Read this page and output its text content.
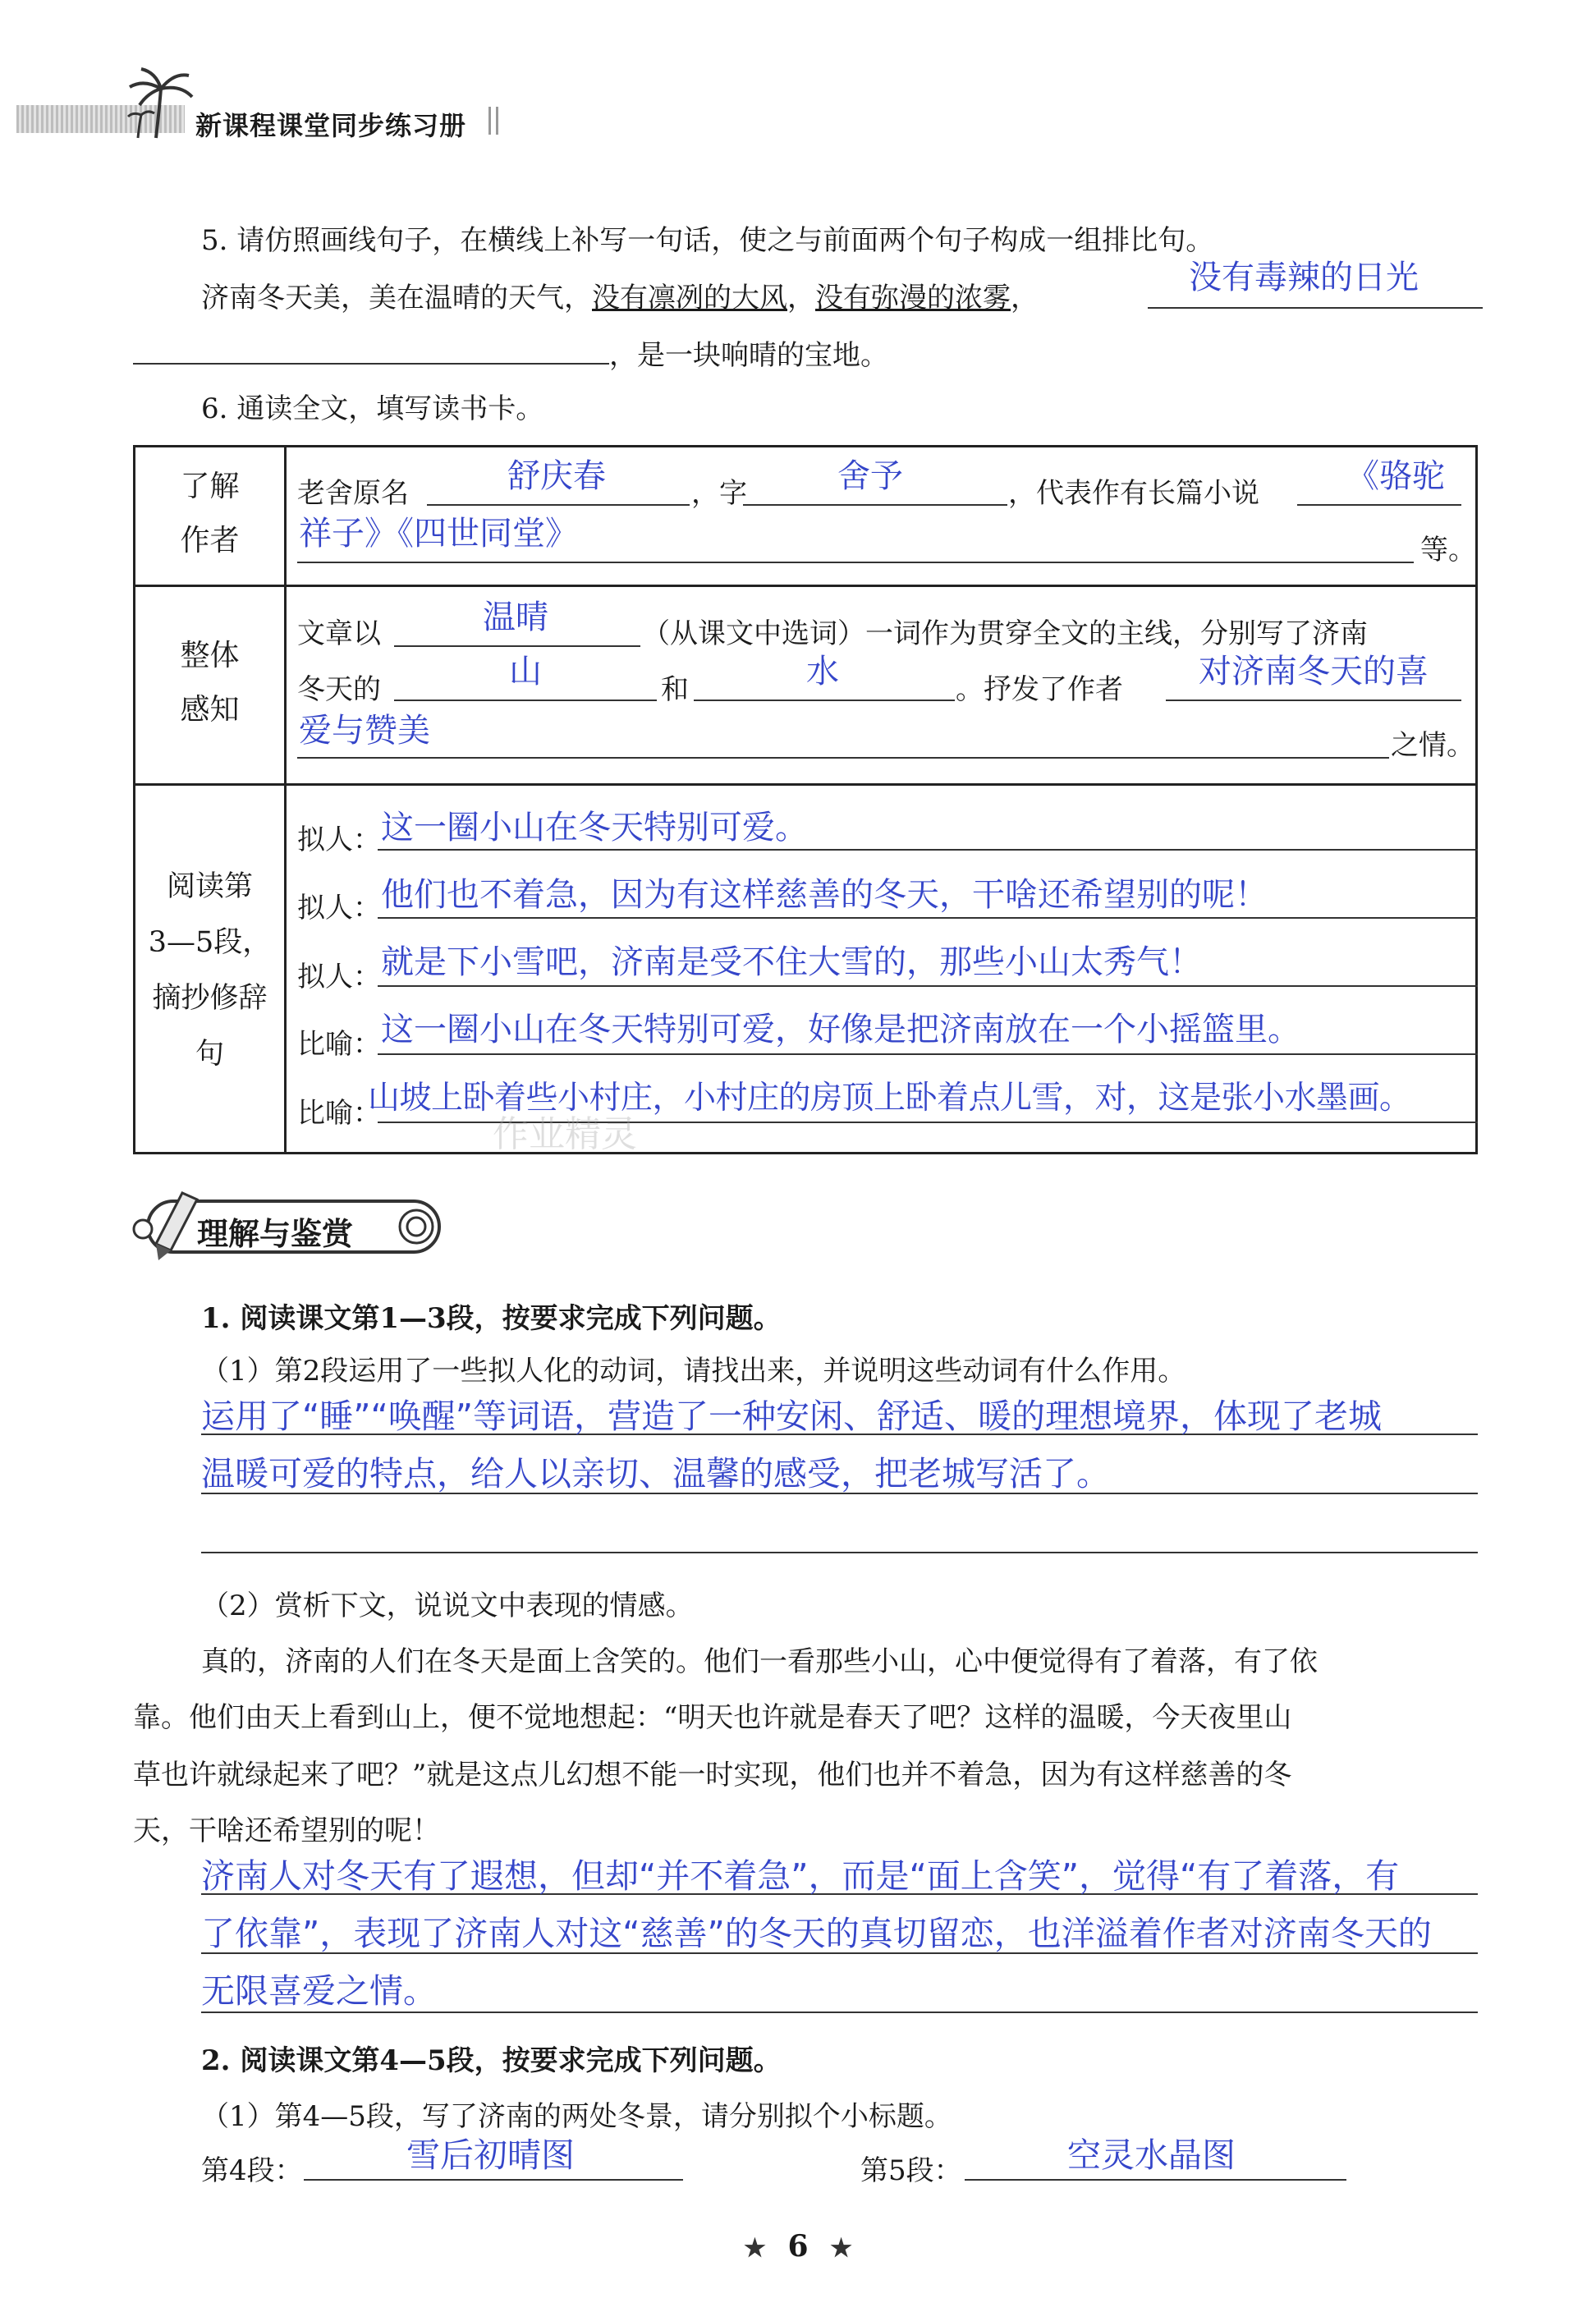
新课程课堂同步练习册
5. 请仿照画线句子，在横线上补写一句话，使之与前面两个句子构成一组排比句。
济南冬天美，美在温晴的天气，没有凛冽的大风，没有弥漫的浓雾，
没有毒辣的日光
，是一块响晴的宝地。
6. 通读全文，填写读书卡。
了解
作者
老舍原名	舒庆春	，字	舍予	，代表作有长篇小说	《骆驼
祥子》《四世同堂》	等。
整体
感知
文章以	温晴	（从课文中选词）一词作为贯穿全文的主线，分别写了济南
冬天的	山	和	水	。抒发了作者 对济南冬天的喜
爱与赞美	之情。
阅读第
3—5段，
摘抄修辞
句
拟人： 这一圈小山在冬天特别可爱。
拟人： 他们也不着急，因为有这样慈善的冬天，干啥还希望别的呢！
拟人： 就是下小雪吧，济南是受不住大雪的，那些小山太秀气！
比喻： 这一圈小山在冬天特别可爱，好像是把济南放在一个小摇篮里。
比喻：
山坡上卧着些小村庄，小村庄的房顶上卧着点儿雪，对，这是张小水墨画。
作业精灵
理解与鉴赏
1. 阅读课文第1—3段，按要求完成下列问题。
（1）第2段运用了一些拟人化的动词，请找出来，并说明这些动词有什么作用。
运用了“睡”“唤醒”等词语，营造了一种安闲、舒适、暖的理想境界，体现了老城
温暖可爱的特点，给人以亲切、温馨的感受，把老城写活了。
（2）赏析下文，说说文中表现的情感。
真的，济南的人们在冬天是面上含笑的。他们一看那些小山，心中便觉得有了着落，有了依
靠。他们由天上看到山上，便不觉地想起：“明天也许就是春天了吧？这样的温暖，今天夜里山
草也许就绿起来了吧？”就是这点儿幻想不能一时实现，他们也并不着急，因为有这样慈善的冬
天，干啥还希望别的呢！
济南人对冬天有了遐想，但却“并不着急”，而是“面上含笑”，觉得“有了着落，有
了依靠”，表现了济南人对这“慈善”的冬天的真切留恋，也洋溢着作者对济南冬天的
无限喜爱之情。
2. 阅读课文第4—5段，按要求完成下列问题。
（1）第4—5段，写了济南的两处冬景，请分别拟个小标题。
第4段：	雪后初晴图	第5段：	空灵水晶图
★ 6 ★
